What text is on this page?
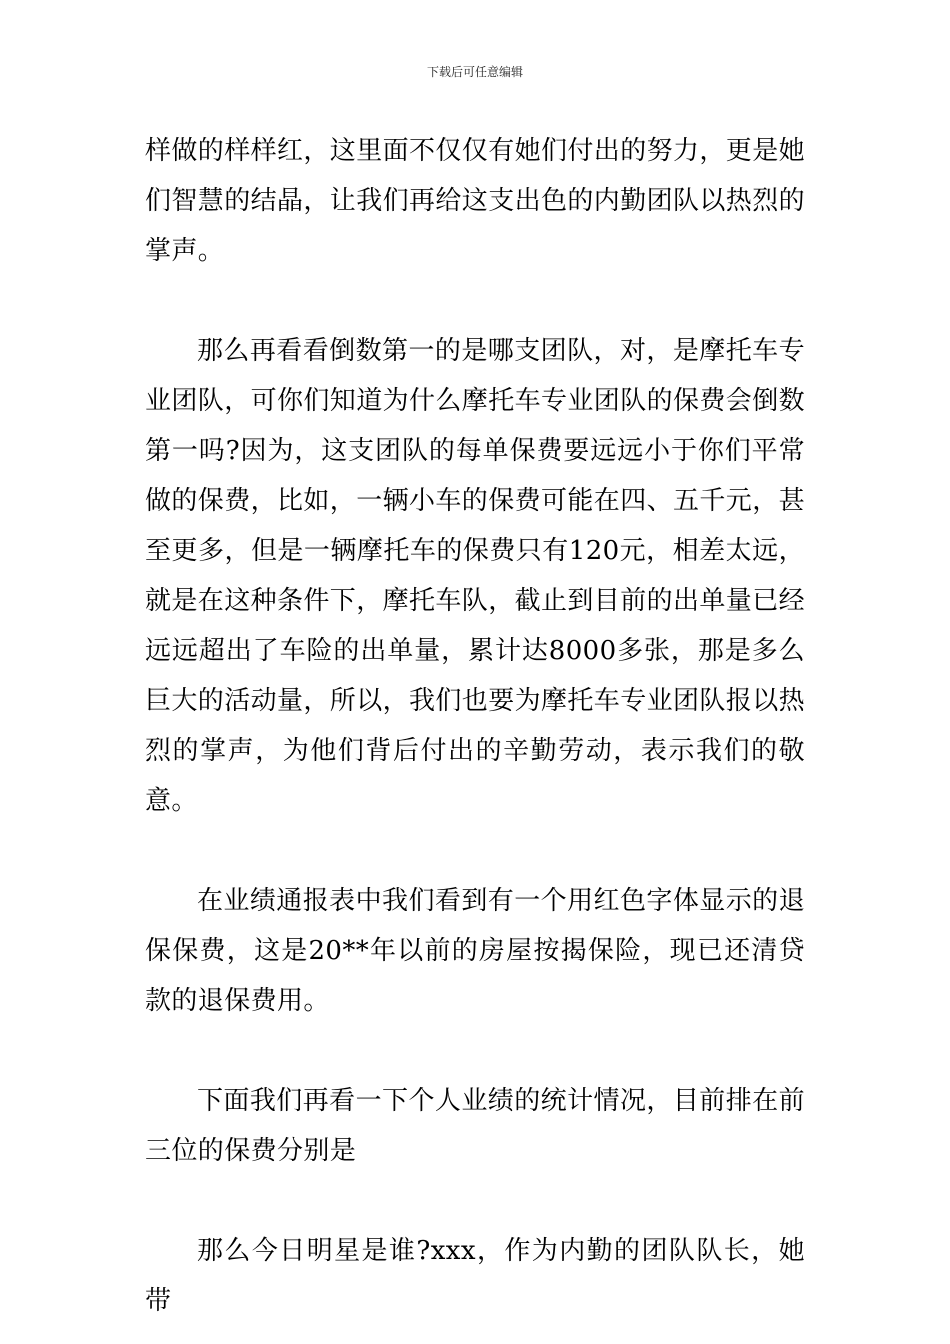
下载后可任意编辑

样做的样样红，这里面不仅仅有她们付出的努力，更是她们智慧的结晶，让我们再给这支出色的内勤团队以热烈的掌声。

那么再看看倒数第一的是哪支团队，对，是摩托车专业团队，可你们知道为什么摩托车专业团队的保费会倒数第一吗?因为，这支团队的每单保费要远远小于你们平常做的保费，比如，一辆小车的保费可能在四、五千元，甚至更多，但是一辆摩托车的保费只有120元，相差太远，就是在这种条件下，摩托车队，截止到目前的出单量已经远远超出了车险的出单量，累计达8000多张，那是多么巨大的活动量，所以，我们也要为摩托车专业团队报以热烈的掌声，为他们背后付出的辛勤劳动，表示我们的敬意。

在业绩通报表中我们看到有一个用红色字体显示的退保保费，这是20**年以前的房屋按揭保险，现已还清贷款的退保费用。

下面我们再看一下个人业绩的统计情况，目前排在前三位的保费分别是

那么今日明星是谁?xxx，作为内勤的团队队长，她带
